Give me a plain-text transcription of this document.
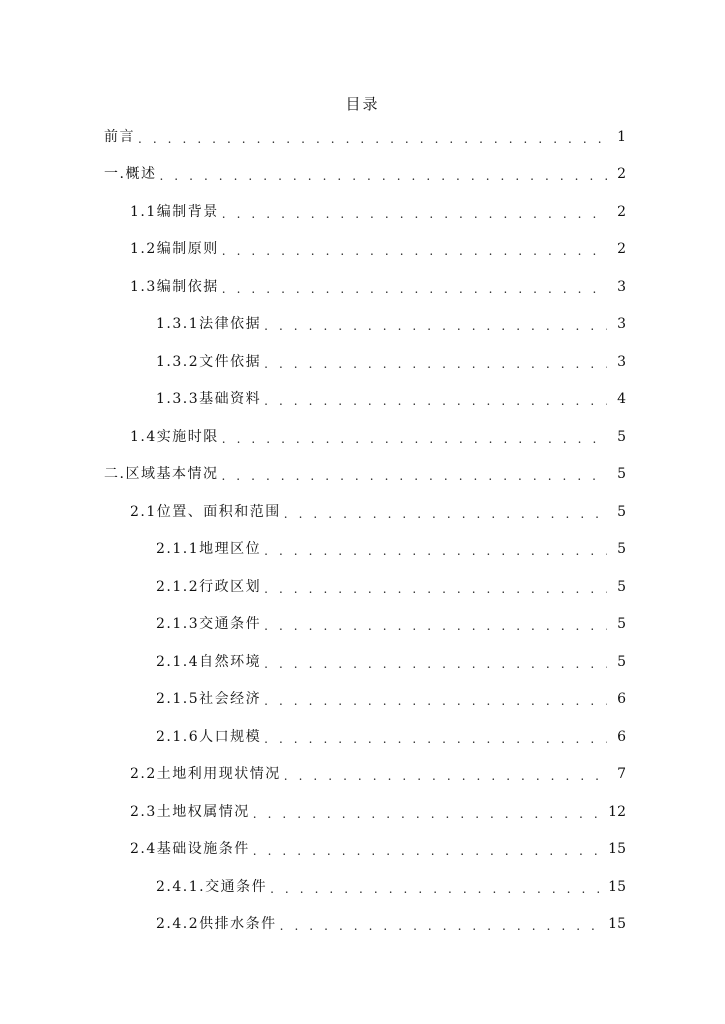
目录
前言 . . .	1
一.概述 . . .	2
1.1编制背景 . . .	2
1.2编制原则 . . .	2
1.3编制依据 . . .	3
1.3.1法律依据 . . .	3
1.3.2文件依据 . . .	3
1.3.3基础资料 . . .	4
1.4实施时限 . . .	5
二.区域基本情况 . . .	5
2.1位置、面积和范围 . . .	5
2.1.1地理区位 . . .	5
2.1.2行政区划 . . .	5
2.1.3交通条件 . . .	5
2.1.4自然环境 . . .	5
2.1.5社会经济 . . .	6
2.1.6人口规模 . . .	6
2.2土地利用现状情况 . . .	7
2.3土地权属情况 . . .	12
2.4基础设施条件 . . .	15
2.4.1.交通条件 . . .	15
2.4.2供排水条件 . . .	15
